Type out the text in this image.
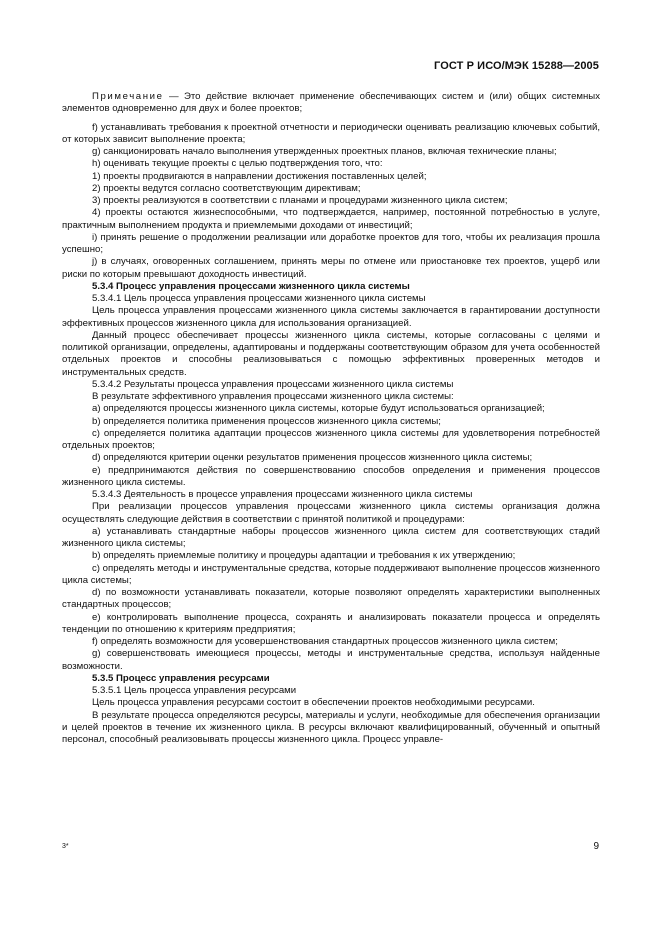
ГОСТ Р ИСО/МЭК 15288—2005

Примечание — Это действие включает применение обеспечивающих систем и (или) общих системных элементов одновременно для двух и более проектов;

f) устанавливать требования к проектной отчетности и периодически оценивать реализацию ключевых событий, от которых зависит выполнение проекта;

g) санкционировать начало выполнения утвержденных проектных планов, включая технические планы;

h) оценивать текущие проекты с целью подтверждения того, что:

1) проекты продвигаются в направлении достижения поставленных целей;

2) проекты ведутся согласно соответствующим директивам;

3) проекты реализуются в соответствии с планами и процедурами жизненного цикла систем;

4) проекты остаются жизнеспособными, что подтверждается, например, постоянной потребностью в услуге, практичным выполнением продукта и приемлемыми доходами от инвестиций;

i) принять решение о продолжении реализации или доработке проектов для того, чтобы их реализация прошла успешно;

j) в случаях, оговоренных соглашением, принять меры по отмене или приостановке тех проектов, ущерб или риски по которым превышают доходность инвестиций.

5.3.4 Процесс управления процессами жизненного цикла системы

5.3.4.1 Цель процесса управления процессами жизненного цикла системы

Цель процесса управления процессами жизненного цикла системы заключается в гарантировании доступности эффективных процессов жизненного цикла для использования организацией.

Данный процесс обеспечивает процессы жизненного цикла системы, которые согласованы с целями и политикой организации, определены, адаптированы и поддержаны соответствующим образом для учета особенностей отдельных проектов и способны реализовываться с помощью эффективных проверенных методов и инструментальных средств.

5.3.4.2 Результаты процесса управления процессами жизненного цикла системы

В результате эффективного управления процессами жизненного цикла системы:

a) определяются процессы жизненного цикла системы, которые будут использоваться организацией;

b) определяется политика применения процессов жизненного цикла системы;

c) определяется политика адаптации процессов жизненного цикла системы для удовлетворения потребностей отдельных проектов;

d) определяются критерии оценки результатов применения процессов жизненного цикла системы;

e) предпринимаются действия по совершенствованию способов определения и применения процессов жизненного цикла системы.

5.3.4.3 Деятельность в процессе управления процессами жизненного цикла системы

При реализации процессов управления процессами жизненного цикла системы организация должна осуществлять следующие действия в соответствии с принятой политикой и процедурами:

a) устанавливать стандартные наборы процессов жизненного цикла систем для соответствующих стадий жизненного цикла системы;

b) определять приемлемые политику и процедуры адаптации и требования к их утверждению;

c) определять методы и инструментальные средства, которые поддерживают выполнение процессов жизненного цикла системы;

d) по возможности устанавливать показатели, которые позволяют определять характеристики выполненных стандартных процессов;

e) контролировать выполнение процесса, сохранять и анализировать показатели процесса и определять тенденции по отношению к критериям предприятия;

f) определять возможности для усовершенствования стандартных процессов жизненного цикла систем;

g) совершенствовать имеющиеся процессы, методы и инструментальные средства, используя найденные возможности.

5.3.5 Процесс управления ресурсами

5.3.5.1 Цель процесса управления ресурсами

Цель процесса управления ресурсами состоит в обеспечении проектов необходимыми ресурсами.

В результате процесса определяются ресурсы, материалы и услуги, необходимые для обеспечения организации и целей проектов в течение их жизненного цикла. В ресурсы включают квалифицированный, обученный и опытный персонал, способный реализовывать процессы жизненного цикла. Процесс управле-

3*	9
